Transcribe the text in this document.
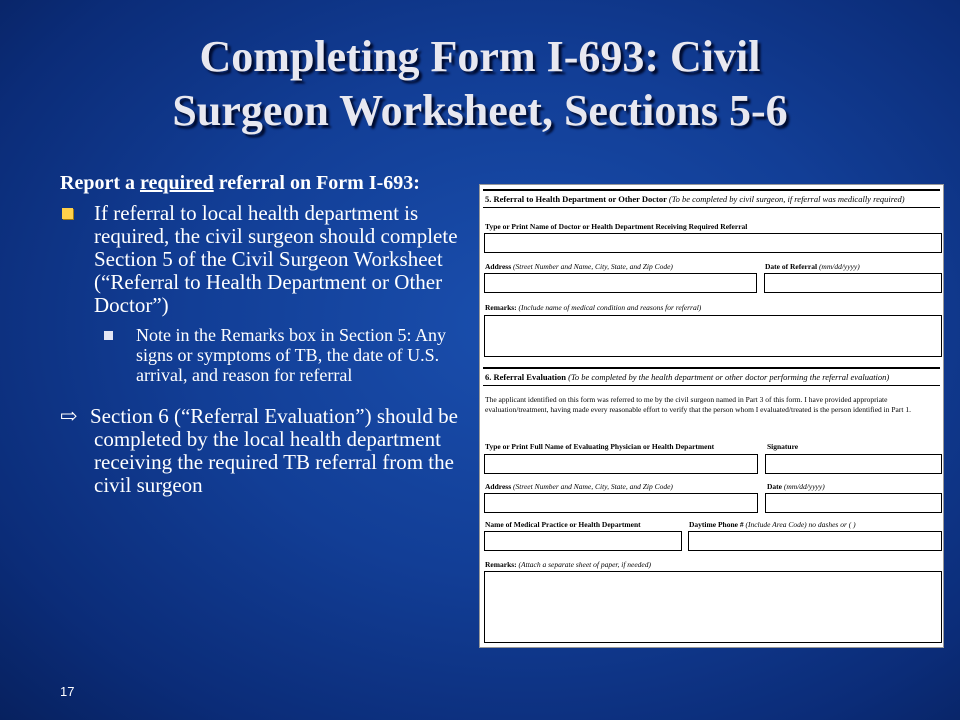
Completing Form I-693: Civil
Surgeon Worksheet, Sections 5-6

Report a required referral on Form I-693:

If referral to local health department is required, the civil surgeon should complete Section 5 of the Civil Surgeon Worksheet (“Referral to Health Department or Other Doctor”)
Note in the Remarks box in Section 5: Any signs or symptoms of TB, the date of U.S. arrival, and reason for referral
⇨ Section 6 (“Referral Evaluation”) should be completed by the local health department receiving the required TB referral from the civil surgeon
17
5. Referral to Health Department or Other Doctor (To be completed by civil surgeon, if referral was medically required)
Type or Print Name of Doctor or Health Department Receiving Required Referral
Address (Street Number and Name, City, State, and Zip Code)	Date of Referral (mm/dd/yyyy)
Remarks: (Include name of medical condition and reasons for referral)
6. Referral Evaluation (To be completed by the health department or other doctor performing the referral evaluation)
The applicant identified on this form was referred to me by the civil surgeon named in Part 3 of this form. I have provided appropriate evaluation/treatment, having made every reasonable effort to verify that the person whom I evaluated/treated is the person identified in Part 1.
Type or Print Full Name of Evaluating Physician or Health Department	Signature
Address (Street Number and Name, City, State, and Zip Code)	Date (mm/dd/yyyy)
Name of Medical Practice or Health Department	Daytime Phone # (Include Area Code) no dashes or ( )
Remarks: (Attach a separate sheet of paper, if needed)
